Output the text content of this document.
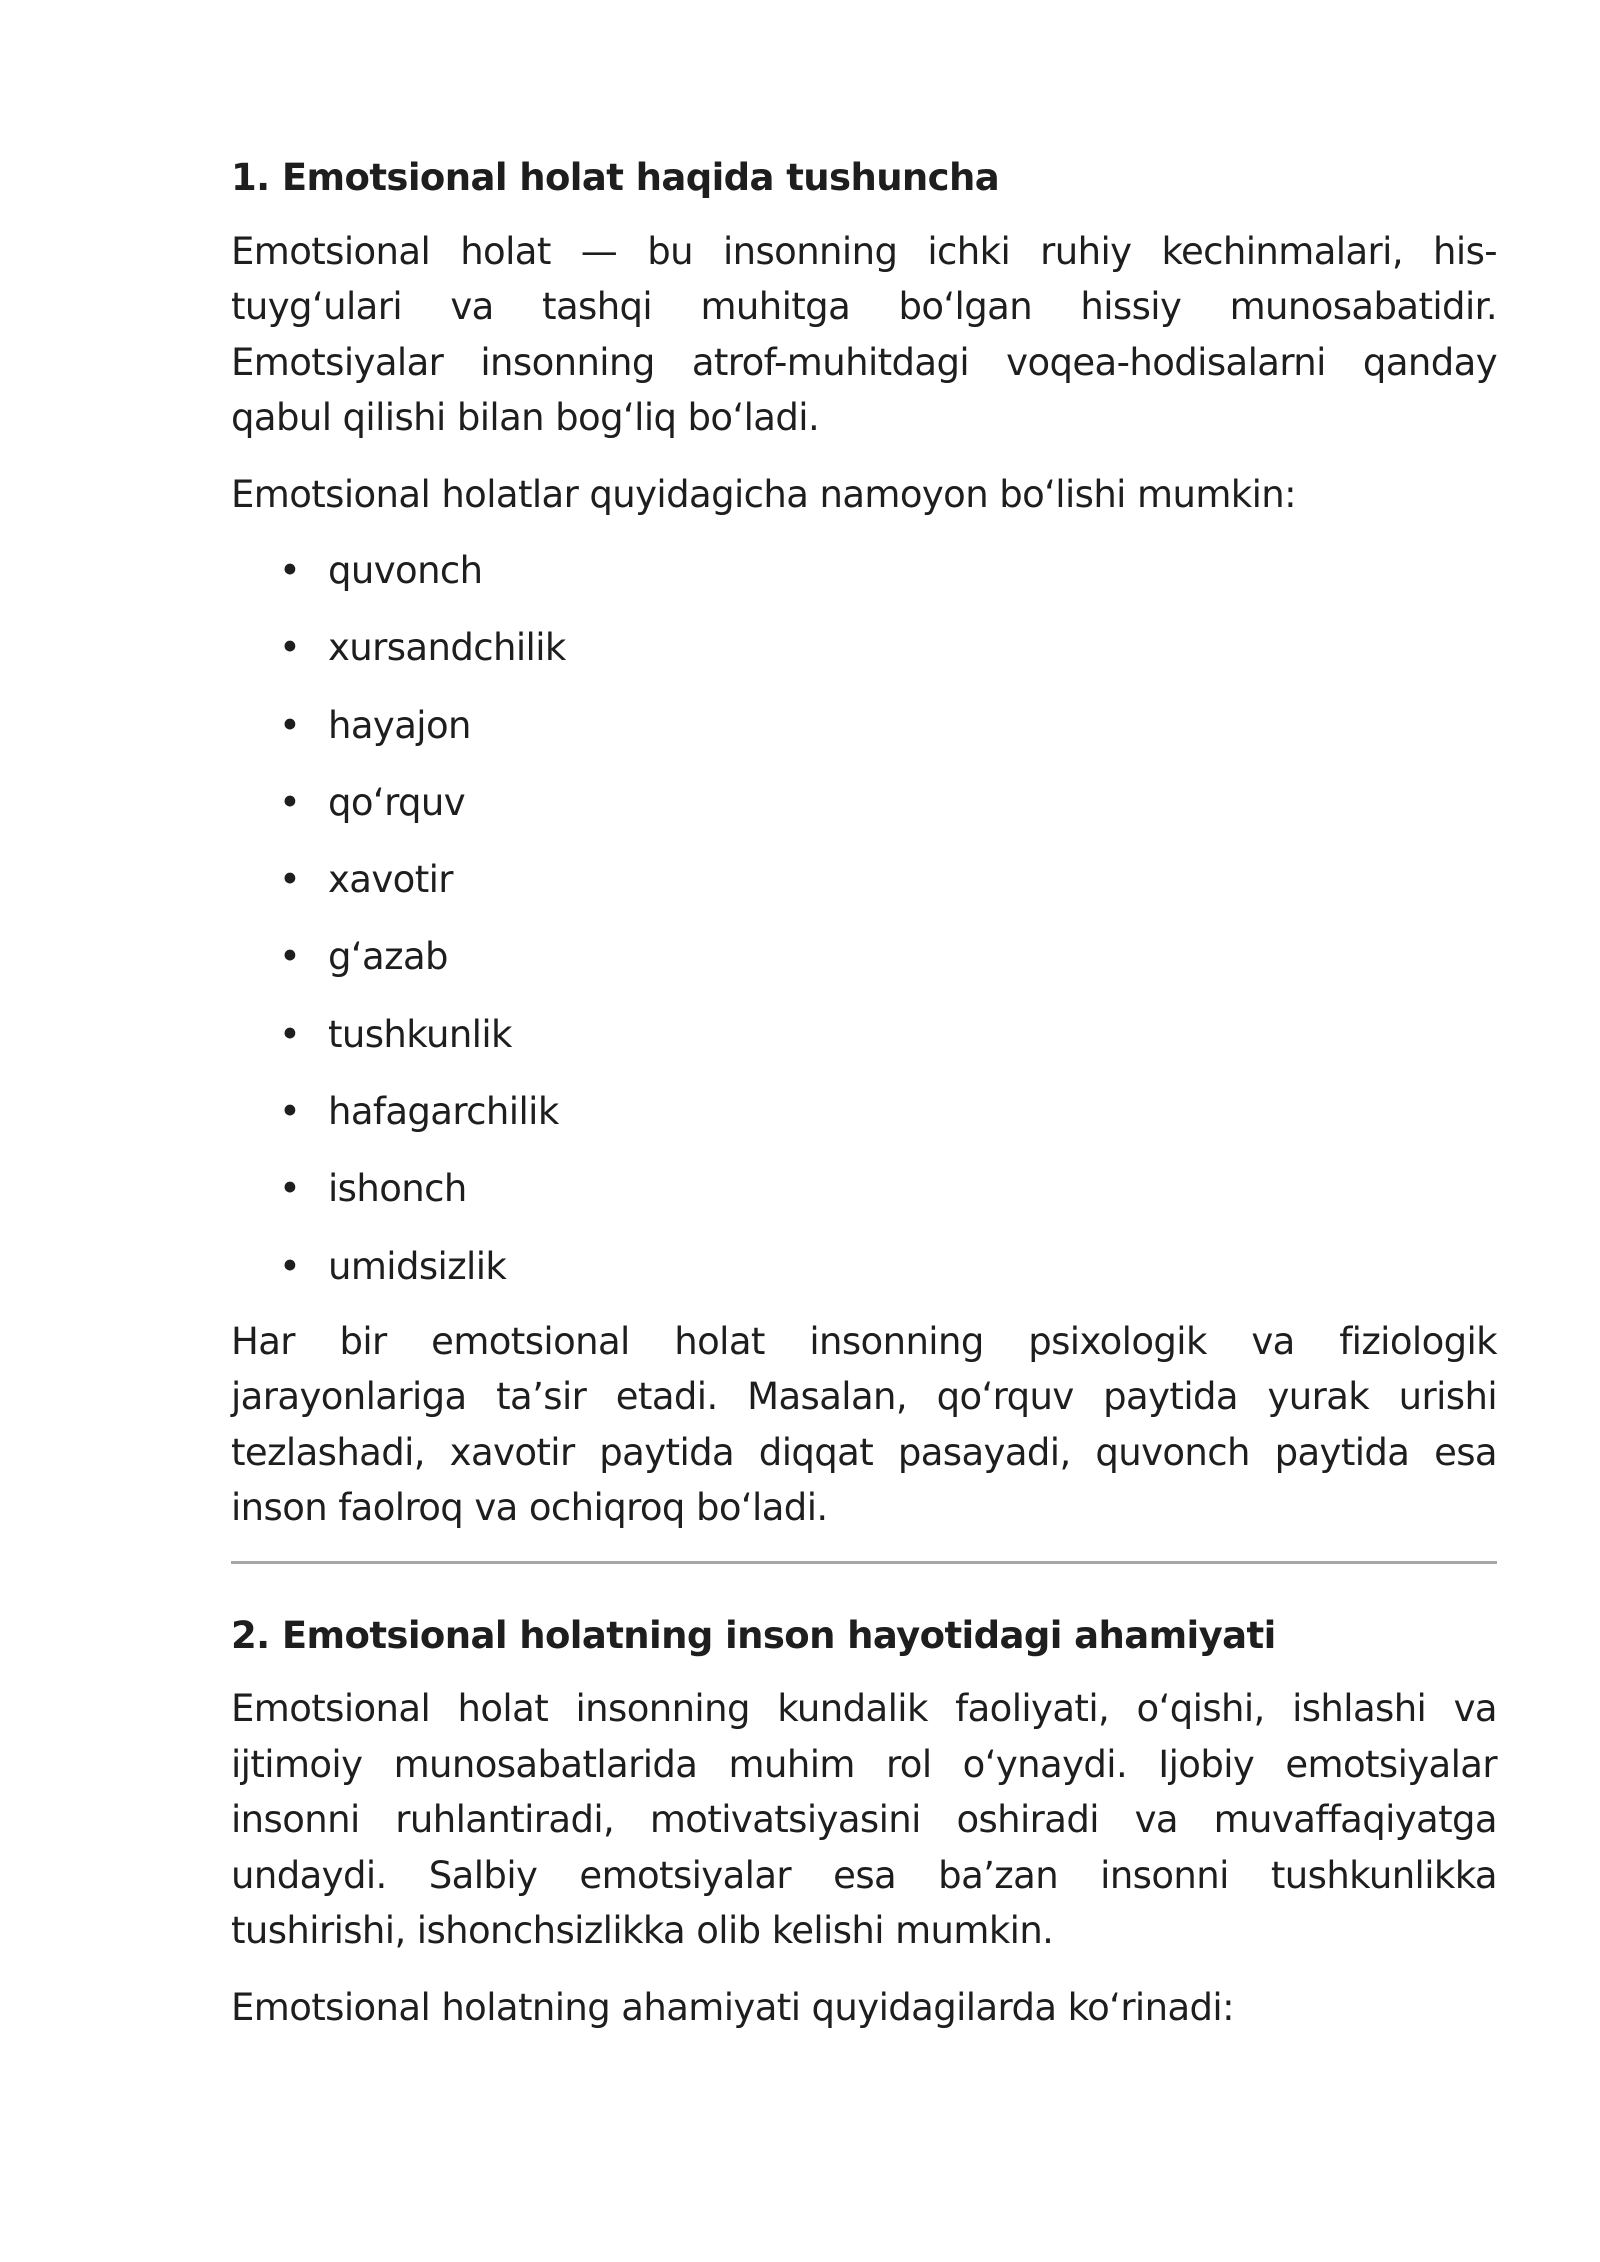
1. Emotsional holat haqida tushuncha

Emotsional holat — bu insonning ichki ruhiy kechinmalari, his-tuyg‘ulari va tashqi muhitga bo‘lgan hissiy munosabatidir. Emotsiyalar insonning atrof-muhitdagi voqea-hodisalarni qanday qabul qilishi bilan bog‘liq bo‘ladi.

Emotsional holatlar quyidagicha namoyon bo‘lishi mumkin:

• quvonch
• xursandchilik
• hayajon
• qo‘rquv
• xavotir
• g‘azab
• tushkunlik
• hafagarchilik
• ishonch
• umidsizlik

Har bir emotsional holat insonning psixologik va fiziologik jarayonlariga ta’sir etadi. Masalan, qo‘rquv paytida yurak urishi tezlashadi, xavotir paytida diqqat pasayadi, quvonch paytida esa inson faolroq va ochiqroq bo‘ladi.

2. Emotsional holatning inson hayotidagi ahamiyati

Emotsional holat insonning kundalik faoliyati, o‘qishi, ishlashi va ijtimoiy munosabatlarida muhim rol o‘ynaydi. Ijobiy emotsiyalar insonni ruhlantiradi, motivatsiyasini oshiradi va muvaffaqiyatga undaydi. Salbiy emotsiyalar esa ba’zan insonni tushkunlikka tushirishi, ishonchsizlikka olib kelishi mumkin.

Emotsional holatning ahamiyati quyidagilarda ko‘rinadi:
